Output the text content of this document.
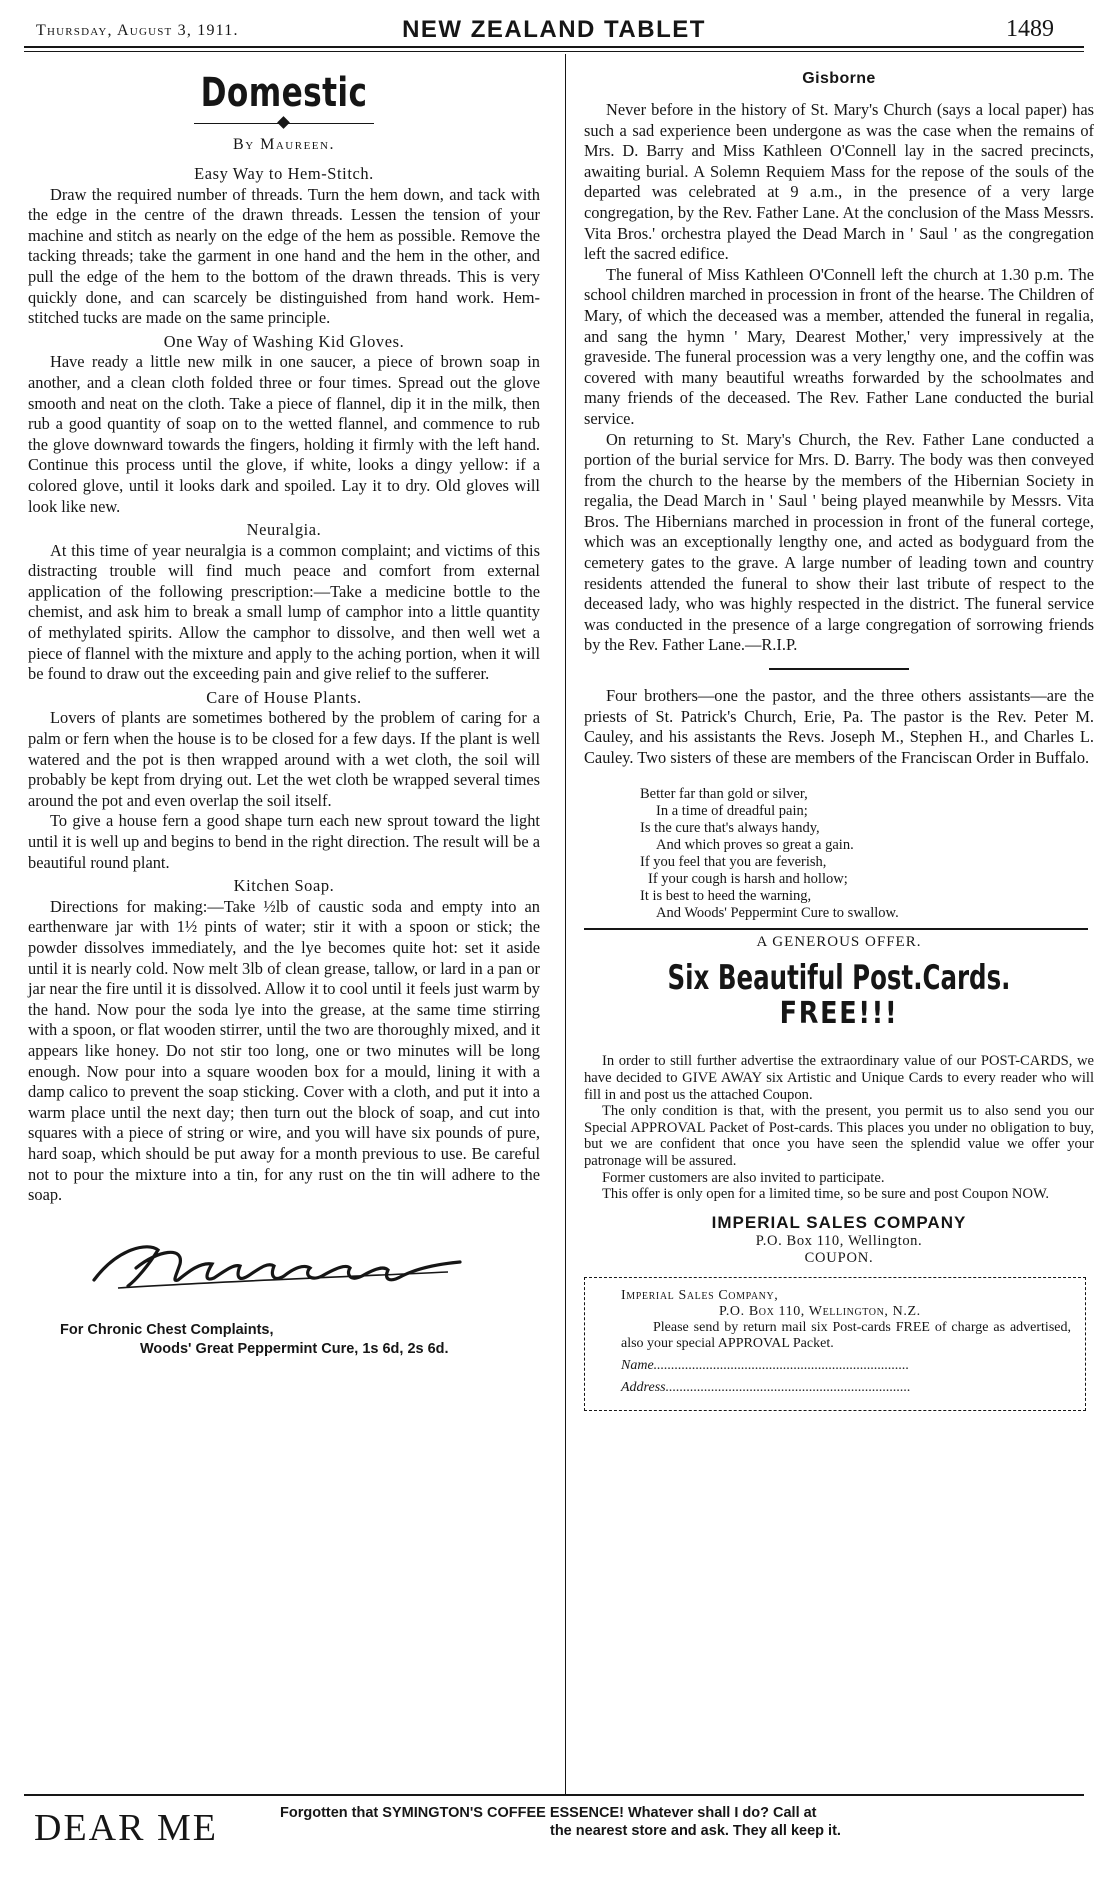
Thursday, August 3, 1911.	NEW ZEALAND TABLET	1489
Domestic
By Maureen.

Easy Way to Hem-Stitch.

Draw the required number of threads. Turn the hem down, and tack with the edge in the centre of the drawn threads. Lessen the tension of your machine and stitch as nearly on the edge of the hem as possible. Remove the tacking threads; take the garment in one hand and the hem in the other, and pull the edge of the hem to the bottom of the drawn threads. This is very quickly done, and can scarcely be distinguished from hand work. Hem-stitched tucks are made on the same principle.

One Way of Washing Kid Gloves.

Have ready a little new milk in one saucer, a piece of brown soap in another, and a clean cloth folded three or four times. Spread out the glove smooth and neat on the cloth. Take a piece of flannel, dip it in the milk, then rub a good quantity of soap on to the wetted flannel, and commence to rub the glove downward towards the fingers, holding it firmly with the left hand. Continue this process until the glove, if white, looks a dingy yellow: if a colored glove, until it looks dark and spoiled. Lay it to dry. Old gloves will look like new.

Neuralgia.

At this time of year neuralgia is a common complaint; and victims of this distracting trouble will find much peace and comfort from external application of the following prescription:—Take a medicine bottle to the chemist, and ask him to break a small lump of camphor into a little quantity of methylated spirits. Allow the camphor to dissolve, and then well wet a piece of flannel with the mixture and apply to the aching portion, when it will be found to draw out the exceeding pain and give relief to the sufferer.

Care of House Plants.

Lovers of plants are sometimes bothered by the problem of caring for a palm or fern when the house is to be closed for a few days. If the plant is well watered and the pot is then wrapped around with a wet cloth, the soil will probably be kept from drying out. Let the wet cloth be wrapped several times around the pot and even overlap the soil itself.

To give a house fern a good shape turn each new sprout toward the light until it is well up and begins to bend in the right direction. The result will be a beautiful round plant.

Kitchen Soap.

Directions for making:—Take ½lb of caustic soda and empty into an earthenware jar with 1½ pints of water; stir it with a spoon or stick; the powder dissolves immediately, and the lye becomes quite hot: set it aside until it is nearly cold. Now melt 3lb of clean grease, tallow, or lard in a pan or jar near the fire until it is dissolved. Allow it to cool until it feels just warm by the hand. Now pour the soda lye into the grease, at the same time stirring with a spoon, or flat wooden stirrer, until the two are thoroughly mixed, and it appears like honey. Do not stir too long, one or two minutes will be long enough. Now pour into a square wooden box for a mould, lining it with a damp calico to prevent the soap sticking. Cover with a cloth, and put it into a warm place until the next day; then turn out the block of soap, and cut into squares with a piece of string or wire, and you will have six pounds of pure, hard soap, which should be put away for a month previous to use. Be careful not to pour the mixture into a tin, for any rust on the tin will adhere to the soap.

For Chronic Chest Complaints,
Woods' Great Peppermint Cure, 1s 6d, 2s 6d.
Gisborne

Never before in the history of St. Mary's Church (says a local paper) has such a sad experience been undergone as was the case when the remains of Mrs. D. Barry and Miss Kathleen O'Connell lay in the sacred precincts, awaiting burial. A Solemn Requiem Mass for the repose of the souls of the departed was celebrated at 9 a.m., in the presence of a very large congregation, by the Rev. Father Lane. At the conclusion of the Mass Messrs. Vita Bros.' orchestra played the Dead March in ' Saul ' as the congregation left the sacred edifice.

The funeral of Miss Kathleen O'Connell left the church at 1.30 p.m. The school children marched in procession in front of the hearse. The Children of Mary, of which the deceased was a member, attended the funeral in regalia, and sang the hymn ' Mary, Dearest Mother,' very impressively at the graveside. The funeral procession was a very lengthy one, and the coffin was covered with many beautiful wreaths forwarded by the schoolmates and many friends of the deceased. The Rev. Father Lane conducted the burial service.

On returning to St. Mary's Church, the Rev. Father Lane conducted a portion of the burial service for Mrs. D. Barry. The body was then conveyed from the church to the hearse by the members of the Hibernian Society in regalia, the Dead March in ' Saul ' being played meanwhile by Messrs. Vita Bros. The Hibernians marched in procession in front of the funeral cortege, which was an exceptionally lengthy one, and acted as bodyguard from the cemetery gates to the grave. A large number of leading town and country residents attended the funeral to show their last tribute of respect to the deceased lady, who was highly respected in the district. The funeral service was conducted in the presence of a large congregation of sorrowing friends by the Rev. Father Lane.—R.I.P.

Four brothers—one the pastor, and the three others assistants—are the priests of St. Patrick's Church, Erie, Pa. The pastor is the Rev. Peter M. Cauley, and his assistants the Revs. Joseph M., Stephen H., and Charles L. Cauley. Two sisters of these are members of the Franciscan Order in Buffalo.

Better far than gold or silver,
In a time of dreadful pain;
Is the cure that's always handy,
And which proves so great a gain.
If you feel that you are feverish,
If your cough is harsh and hollow;
It is best to heed the warning,
And Woods' Peppermint Cure to swallow.
A GENEROUS OFFER.
Six Beautiful Post.Cards.
FREE!!!

In order to still further advertise the extraordinary value of our POST-CARDS, we have decided to GIVE AWAY six Artistic and Unique Cards to every reader who will fill in and post us the attached Coupon.

The only condition is that, with the present, you permit us to also send you our Special APPROVAL Packet of Post-cards. This places you under no obligation to buy, but we are confident that once you have seen the splendid value we offer your patronage will be assured.

Former customers are also invited to participate.

This offer is only open for a limited time, so be sure and post Coupon NOW.

IMPERIAL SALES COMPANY
P.O. Box 110, Wellington.
COUPON.
Imperial Sales Company,
P.O. Box 110, Wellington, N.Z.
Please send by return mail six Post-cards FREE of charge as advertised, also your special APPROVAL Packet.
Name.........................................................................
Address......................................................................
DEAR ME	Forgotten that SYMINGTON'S COFFEE ESSENCE! Whatever shall I do? Call at
the nearest store and ask. They all keep it.
